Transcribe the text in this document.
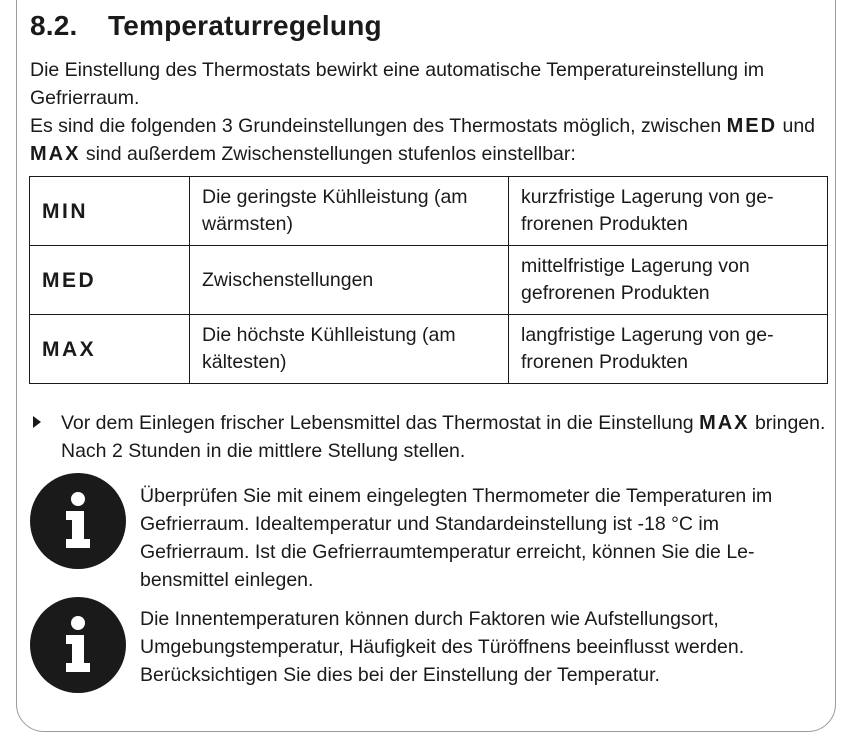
8.2. Temperaturregelung

Die Einstellung des Thermostats bewirkt eine automatische Temperatureinstellung im Gefrierraum.

Es sind die folgenden 3 Grundeinstellungen des Thermostats möglich, zwischen MED und MAX sind außerdem Zwischenstellungen stufenlos einstellbar:

MIN	Die geringste Kühlleistung (am wärmsten)	kurzfristige Lagerung von ge-frorenen Produkten
MED	Zwischenstellungen	mittelfristige Lagerung von gefrorenen Produkten
MAX	Die höchste Kühlleistung (am kältesten)	langfristige Lagerung von ge-frorenen Produkten

Vor dem Einlegen frischer Lebensmittel das Thermostat in die Einstellung MAX bringen. Nach 2 Stunden in die mittlere Stellung stellen.

Überprüfen Sie mit einem eingelegten Thermometer die Temperaturen im Gefrierraum. Idealtemperatur und Standardeinstellung ist -18 °C im Gefrierraum. Ist die Gefrierraumtemperatur erreicht, können Sie die Le-bensmittel einlegen.

Die Innentemperaturen können durch Faktoren wie Aufstellungsort, Umgebungstemperatur, Häufigkeit des Türöffnens beeinflusst werden. Berücksichtigen Sie dies bei der Einstellung der Temperatur.
